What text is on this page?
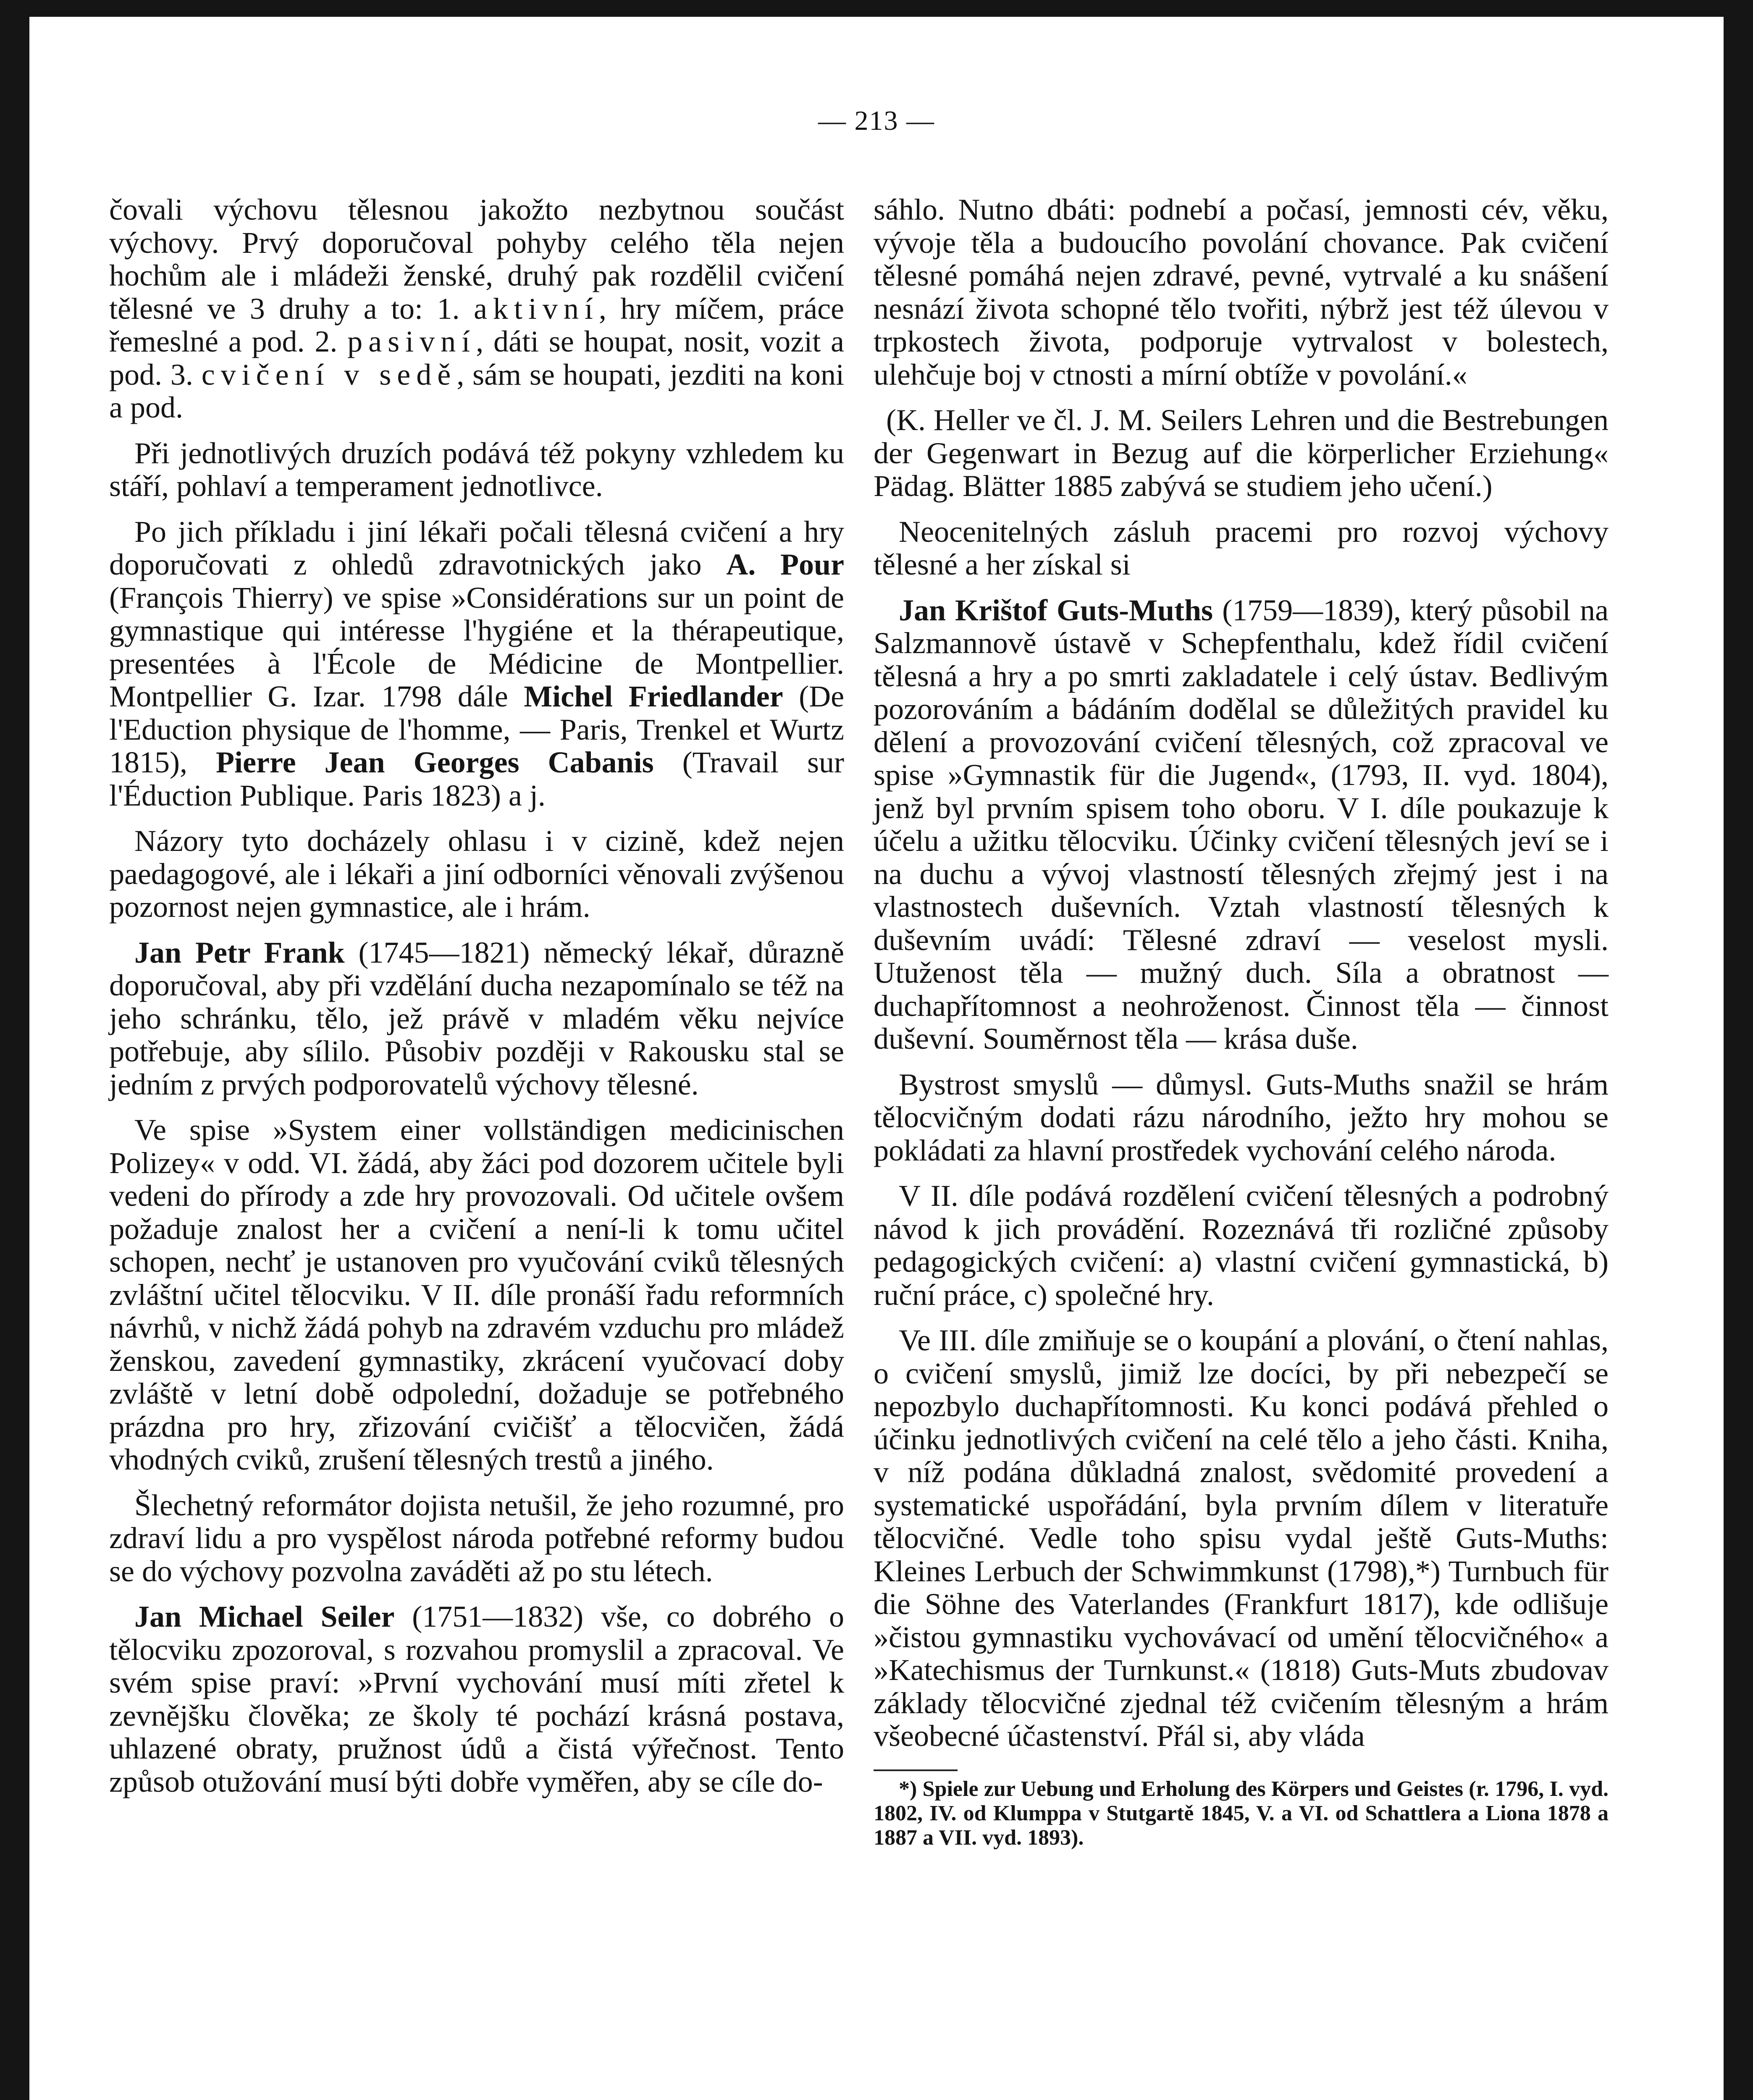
— 213 —

čovali výchovu tělesnou jakožto nezbytnou součást výchovy. Prvý doporučoval pohyby celého těla nejen hochům ale i mládeži ženské, druhý pak rozdělil cvičení tělesné ve 3 druhy a to: 1. aktivní, hry míčem, práce řemeslné a pod. 2. pasivní, dáti se houpat, nosit, vozit a pod. 3. cvičení v sedě, sám se houpati, jezditi na koni a pod.

Při jednotlivých druzích podává též pokyny vzhledem ku stáří, pohlaví a temperament jednotlivce.

Po jich příkladu i jiní lékaři počali tělesná cvičení a hry doporučovati z ohledů zdravotnických jako A. Pour (François Thierry) ve spise »Considérations sur un point de gymnastique qui intéresse l'hygiéne et la thérapeutique, presentées à l'École de Médicine de Montpellier. Montpellier G. Izar. 1798 dále Michel Friedlander (De l'Eduction physique de l'homme, — Paris, Trenkel et Wurtz 1815), Pierre Jean Georges Cabanis (Travail sur l'Éduction Publique. Paris 1823) a j.

Názory tyto docházely ohlasu i v cizině, kdež nejen paedagogové, ale i lékaři a jiní odborníci věnovali zvýšenou pozornost nejen gymnastice, ale i hrám.

Jan Petr Frank (1745—1821) německý lékař, důrazně doporučoval, aby při vzdělání ducha nezapomínalo se též na jeho schránku, tělo, jež právě v mladém věku nejvíce potřebuje, aby sílilo. Působiv později v Rakousku stal se jedním z prvých podporovatelů výchovy tělesné.

Ve spise »System einer vollständigen medicinischen Polizey« v odd. VI. žádá, aby žáci pod dozorem učitele byli vedeni do přírody a zde hry provozovali. Od učitele ovšem požaduje znalost her a cvičení a není-li k tomu učitel schopen, nechť je ustanoven pro vyučování cviků tělesných zvláštní učitel tělocviku. V II. díle pronáší řadu reformních návrhů, v nichž žádá pohyb na zdravém vzduchu pro mládež ženskou, zavedení gymnastiky, zkrácení vyučovací doby zvláště v letní době odpolední, dožaduje se potřebného prázdna pro hry, zřizování cvičišť a tělocvičen, žádá vhodných cviků, zrušení tělesných trestů a jiného.

Šlechetný reformátor dojista netušil, že jeho rozumné, pro zdraví lidu a pro vyspělost národa potřebné reformy budou se do výchovy pozvolna zaváděti až po stu létech.

Jan Michael Seiler (1751—1832) vše, co dobrého o tělocviku zpozoroval, s rozvahou promyslil a zpracoval. Ve svém spise praví: »První vychování musí míti zřetel k zevnějšku člověka; ze školy té pochází krásná postava, uhlazené obraty, pružnost údů a čistá výřečnost. Tento způsob otužování musí býti dobře vyměřen, aby se cíle do-

sáhlo. Nutno dbáti: podnebí a počasí, jemnosti cév, věku, vývoje těla a budoucího povolání chovance. Pak cvičení tělesné pomáhá nejen zdravé, pevné, vytrvalé a ku snášení nesnází života schopné tělo tvořiti, nýbrž jest též úlevou v trpkostech života, podporuje vytrvalost v bolestech, ulehčuje boj v ctnosti a mírní obtíže v povolání.«

(K. Heller ve čl. J. M. Seilers Lehren und die Bestrebungen der Gegenwart in Bezug auf die körperlicher Erziehung« Pädag. Blätter 1885 zabývá se studiem jeho učení.)

Neocenitelných zásluh pracemi pro rozvoj výchovy tělesné a her získal si

Jan Krištof Guts-Muths (1759—1839), který působil na Salzmannově ústavě v Schepfenthalu, kdež řídil cvičení tělesná a hry a po smrti zakladatele i celý ústav. Bedlivým pozorováním a bádáním dodělal se důležitých pravidel ku dělení a provozování cvičení tělesných, což zpracoval ve spise »Gymnastik für die Jugend«, (1793, II. vyd. 1804), jenž byl prvním spisem toho oboru. V I. díle poukazuje k účelu a užitku tělocviku. Účinky cvičení tělesných jeví se i na duchu a vývoj vlastností tělesných zřejmý jest i na vlastnostech duševních. Vztah vlastností tělesných k duševním uvádí: Tělesné zdraví — veselost mysli. Utuženost těla — mužný duch. Síla a obratnost — duchapřítomnost a neohroženost. Činnost těla — činnost duševní. Souměrnost těla — krása duše.

Bystrost smyslů — důmysl. Guts-Muths snažil se hrám tělocvičným dodati rázu národního, ježto hry mohou se pokládati za hlavní prostředek vychování celého národa.

V II. díle podává rozdělení cvičení tělesných a podrobný návod k jich provádění. Rozeznává tři rozličné způsoby pedagogických cvičení: a) vlastní cvičení gymnastická, b) ruční práce, c) společné hry.

Ve III. díle zmiňuje se o koupání a plování, o čtení nahlas, o cvičení smyslů, jimiž lze docíci, by při nebezpečí se nepozbylo duchapřítomnosti. Ku konci podává přehled o účinku jednotlivých cvičení na celé tělo a jeho části. Kniha, v níž podána důkladná znalost, svědomité provedení a systematické uspořádání, byla prvním dílem v literatuře tělocvičné. Vedle toho spisu vydal ještě Guts-Muths: Kleines Lerbuch der Schwimmkunst (1798),*) Turnbuch für die Söhne des Vaterlandes (Frankfurt 1817), kde odlišuje »čistou gymnastiku vychovávací od umění tělocvičného« a »Katechismus der Turnkunst.« (1818) Guts-Muts zbudovav základy tělocvičné zjednal též cvičením tělesným a hrám všeobecné účastenství. Přál si, aby vláda

*) Spiele zur Uebung und Erholung des Körpers und Geistes (r. 1796, I. vyd. 1802, IV. od Klumppa v Stutgartě 1845, V. a VI. od Schattlera a Liona 1878 a 1887 a VII. vyd. 1893).
